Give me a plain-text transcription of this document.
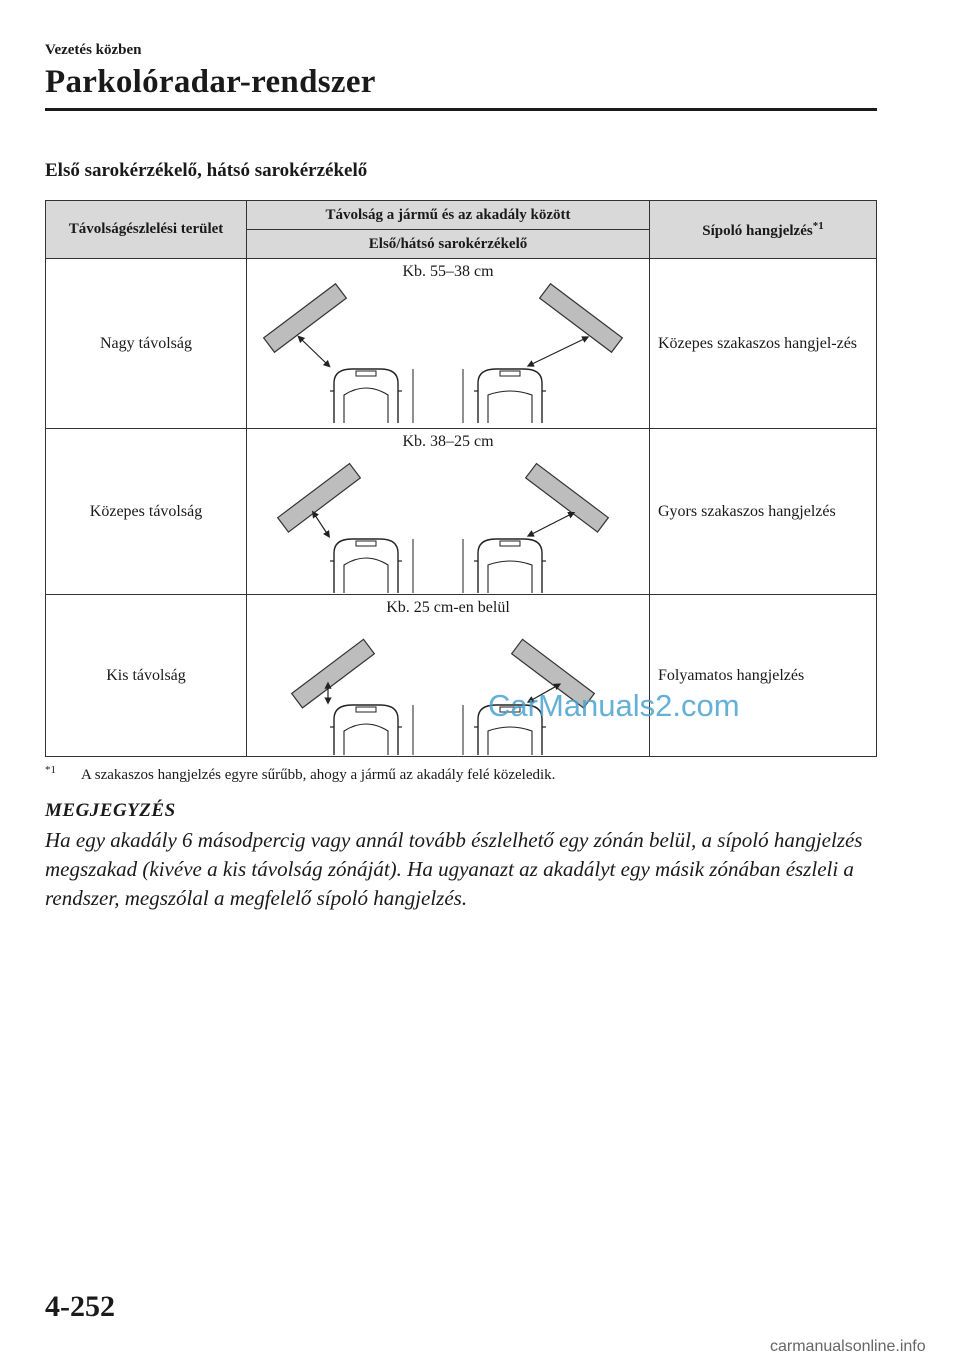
Vezetés közben
Parkolóradar-rendszer
Első sarokérzékelő, hátsó sarokérzékelő
Távolságészlelési terület	Távolság a jármű és az akadály között	Sípoló hangjelzés$^{*1}$
	Első/hátsó sarokérzékelő	
Nagy távolság	Kb. 55–38 cm	Közepes szakaszos hangjel-zés
Közepes távolság	Kb. 38–25 cm	Gyors szakaszos hangjelzés
Kis távolság	Kb. 25 cm-en belül	Folyamatos hangjelzés
$^{*1}$ A szakaszos hangjelzés egyre sűrűbb, ahogy a jármű az akadály felé közeledik.
MEGJEGYZÉS
Ha egy akadály 6 másodpercig vagy annál tovább észlelhető egy zónán belül, a sípoló hangjelzés megszakad (kivéve a kis távolság zónáját). Ha ugyanazt az akadályt egy másik zónában észleli a rendszer, megszólal a megfelelő sípoló hangjelzés.
CarManuals2.com
4-252
carmanualsonline.info
